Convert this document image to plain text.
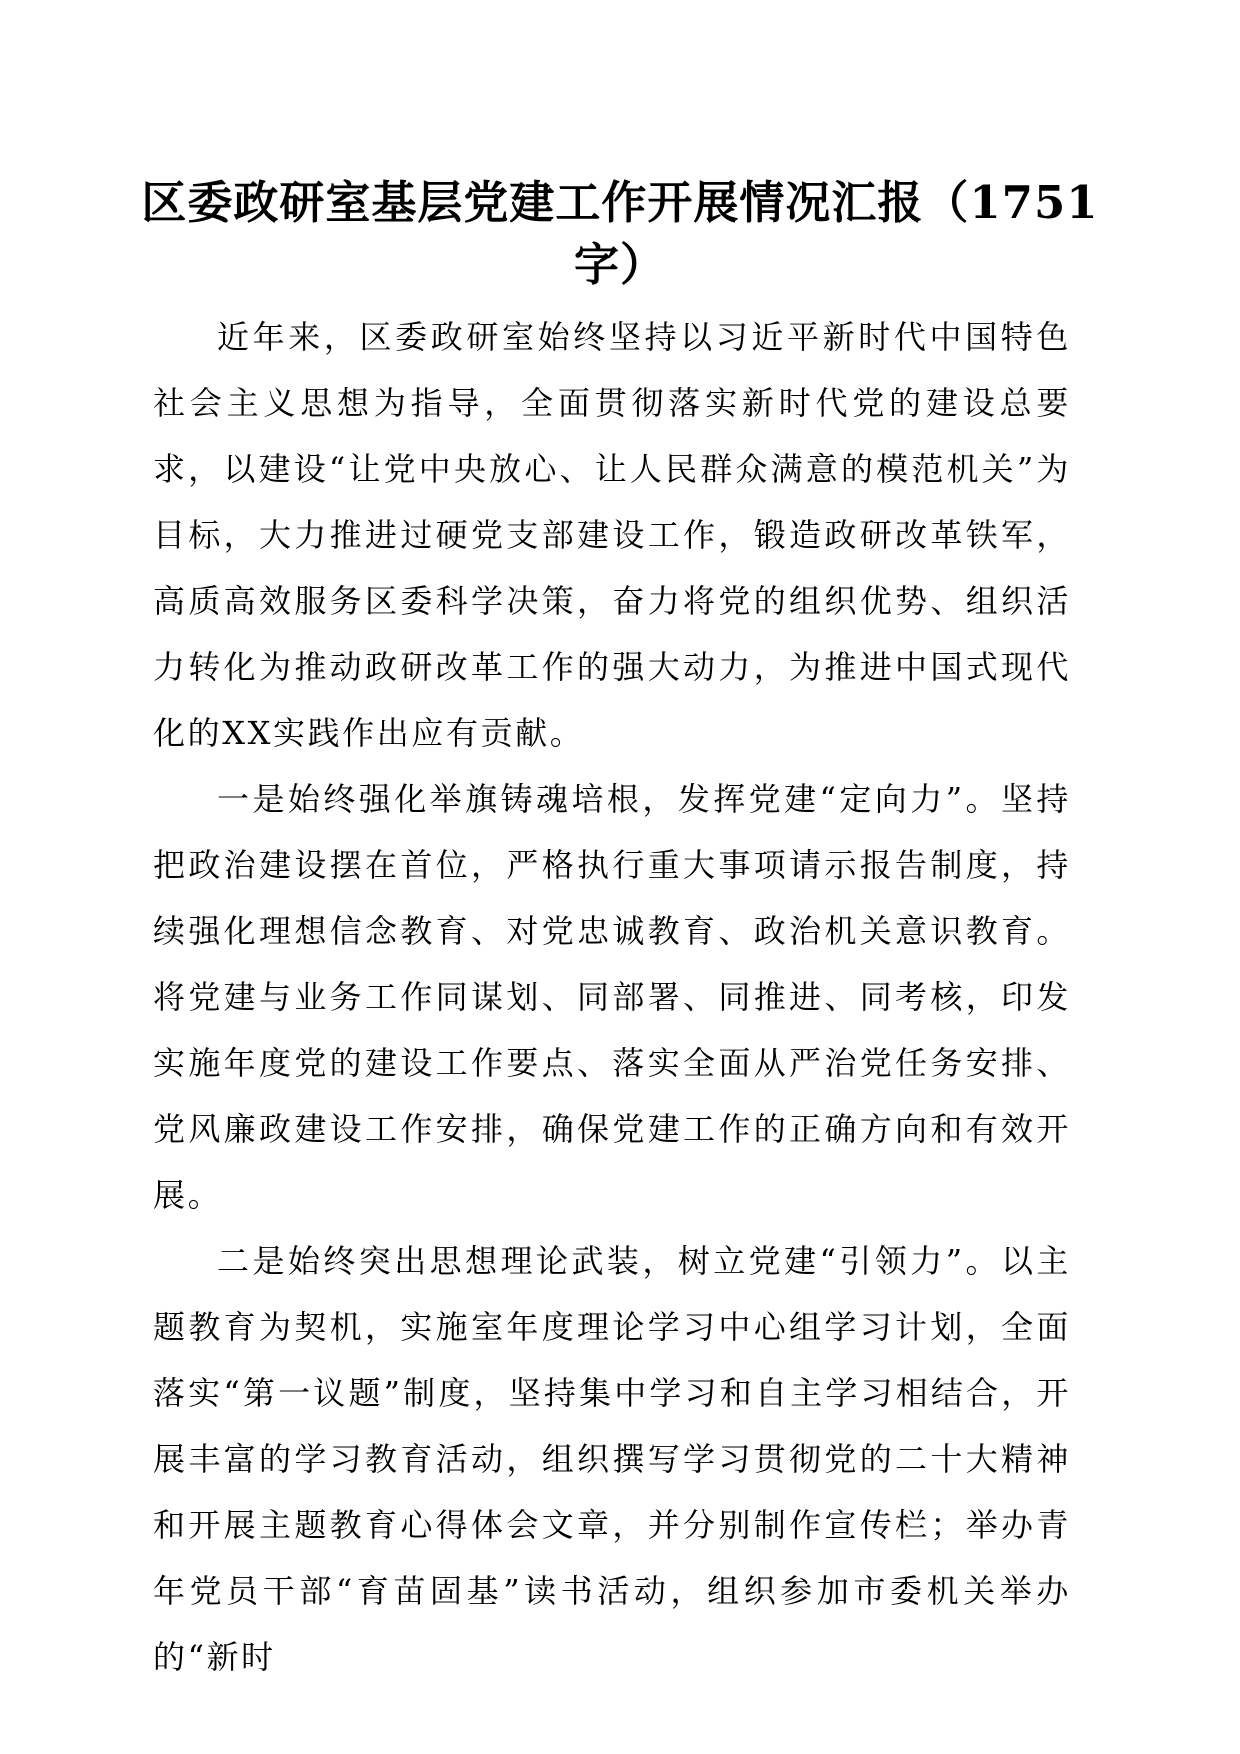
区委政研室基层党建工作开展情况汇报（1751字）

近年来，区委政研室始终坚持以习近平新时代中国特色社会主义思想为指导，全面贯彻落实新时代党的建设总要求，以建设“让党中央放心、让人民群众满意的模范机关”为目标，大力推进过硬党支部建设工作，锻造政研改革铁军，高质高效服务区委科学决策，奋力将党的组织优势、组织活力转化为推动政研改革工作的强大动力，为推进中国式现代化的XX实践作出应有贡献。

一是始终强化举旗铸魂培根，发挥党建“定向力”。坚持把政治建设摆在首位，严格执行重大事项请示报告制度，持续强化理想信念教育、对党忠诚教育、政治机关意识教育。将党建与业务工作同谋划、同部署、同推进、同考核，印发实施年度党的建设工作要点、落实全面从严治党任务安排、党风廉政建设工作安排，确保党建工作的正确方向和有效开展。

二是始终突出思想理论武装，树立党建“引领力”。以主题教育为契机，实施室年度理论学习中心组学习计划，全面落实“第一议题”制度，坚持集中学习和自主学习相结合，开展丰富的学习教育活动，组织撰写学习贯彻党的二十大精神和开展主题教育心得体会文章，并分别制作宣传栏；举办青年党员干部“育苗固基”读书活动，组织参加市委机关举办的“新时
